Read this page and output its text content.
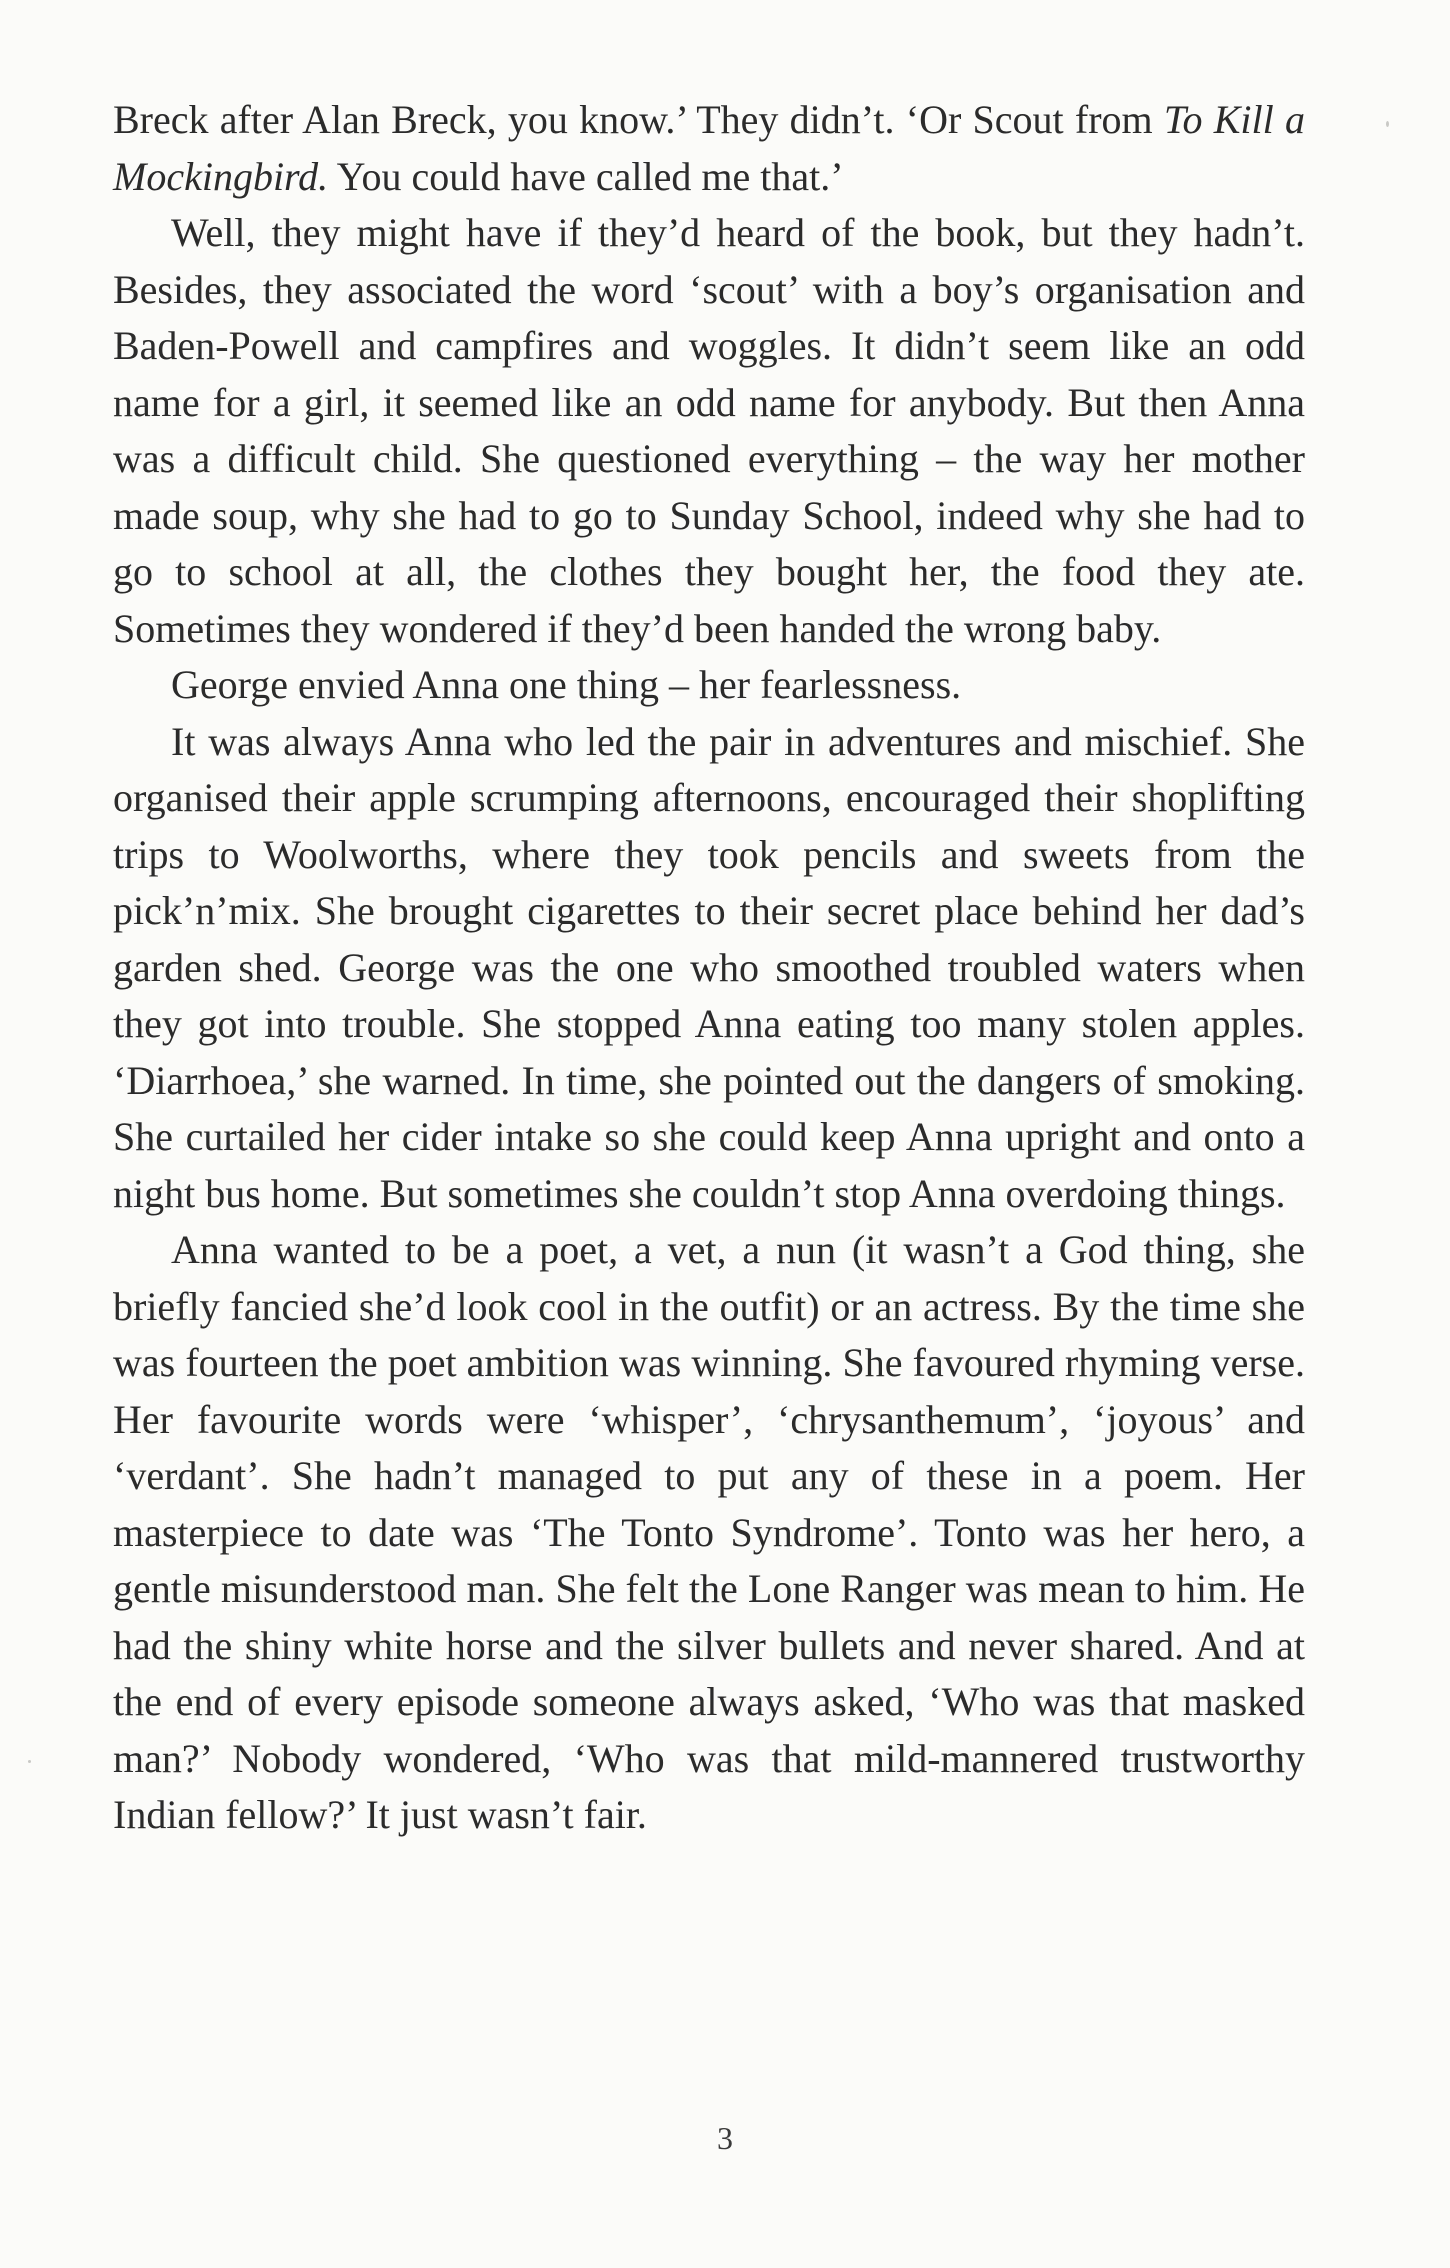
Breck after Alan Breck, you know.’ They didn’t. ‘Or Scout from To Kill a Mockingbird. You could have called me that.’

Well, they might have if they’d heard of the book, but they hadn’t. Besides, they associated the word ‘scout’ with a boy’s organisation and Baden-Powell and campfires and woggles. It didn’t seem like an odd name for a girl, it seemed like an odd name for anybody. But then Anna was a difficult child. She questioned everything – the way her mother made soup, why she had to go to Sunday School, indeed why she had to go to school at all, the clothes they bought her, the food they ate. Sometimes they wondered if they’d been handed the wrong baby.

George envied Anna one thing – her fearlessness.

It was always Anna who led the pair in adventures and mischief. She organised their apple scrumping afternoons, encouraged their shoplifting trips to Woolworths, where they took pencils and sweets from the pick’n’mix. She brought cigarettes to their secret place behind her dad’s garden shed. George was the one who smoothed troubled waters when they got into trouble. She stopped Anna eating too many stolen apples. ‘Diarrhoea,’ she warned. In time, she pointed out the dangers of smoking. She curtailed her cider intake so she could keep Anna upright and onto a night bus home. But sometimes she couldn’t stop Anna overdoing things.

Anna wanted to be a poet, a vet, a nun (it wasn’t a God thing, she briefly fancied she’d look cool in the outfit) or an actress. By the time she was fourteen the poet ambition was winning. She favoured rhyming verse. Her favourite words were ‘whisper’, ‘chrysanthemum’, ‘joyous’ and ‘verdant’. She hadn’t managed to put any of these in a poem. Her masterpiece to date was ‘The Tonto Syndrome’. Tonto was her hero, a gentle misunderstood man. She felt the Lone Ranger was mean to him. He had the shiny white horse and the silver bullets and never shared. And at the end of every episode someone always asked, ‘Who was that masked man?’ Nobody wondered, ‘Who was that mild-mannered trustworthy Indian fellow?’ It just wasn’t fair.

3
